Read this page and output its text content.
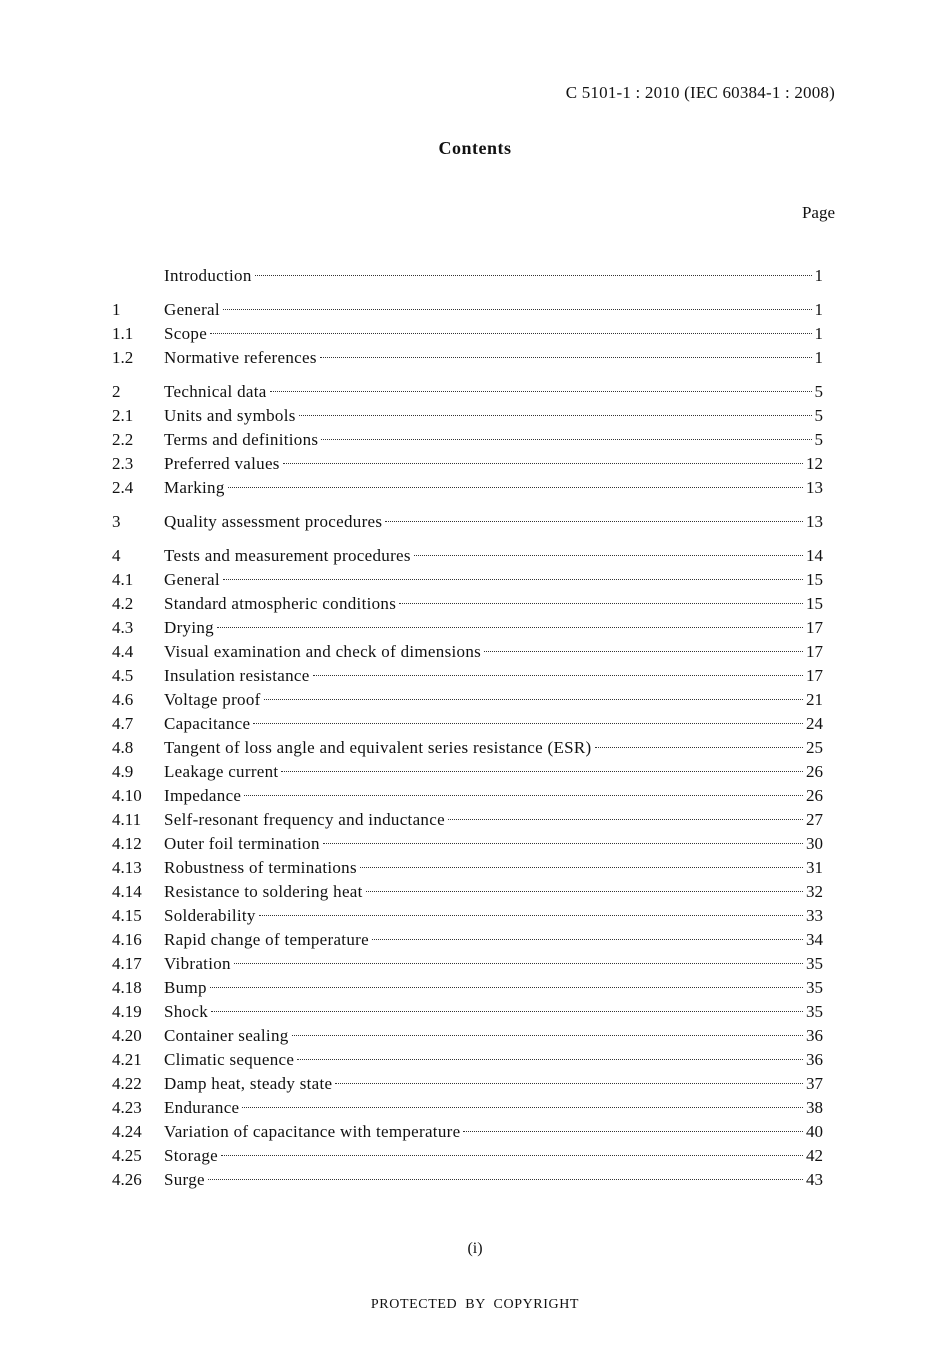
C 5101-1 : 2010 (IEC 60384-1 : 2008)
Contents
Page
Introduction	1
1	General	1
1.1	Scope	1
1.2	Normative references	1
2	Technical data	5
2.1	Units and symbols	5
2.2	Terms and definitions	5
2.3	Preferred values	12
2.4	Marking	13
3	Quality assessment procedures	13
4	Tests and measurement procedures	14
4.1	General	15
4.2	Standard atmospheric conditions	15
4.3	Drying	17
4.4	Visual examination and check of dimensions	17
4.5	Insulation resistance	17
4.6	Voltage proof	21
4.7	Capacitance	24
4.8	Tangent of loss angle and equivalent series resistance (ESR)	25
4.9	Leakage current	26
4.10	Impedance	26
4.11	Self-resonant frequency and inductance	27
4.12	Outer foil termination	30
4.13	Robustness of terminations	31
4.14	Resistance to soldering heat	32
4.15	Solderability	33
4.16	Rapid change of temperature	34
4.17	Vibration	35
4.18	Bump	35
4.19	Shock	35
4.20	Container sealing	36
4.21	Climatic sequence	36
4.22	Damp heat, steady state	37
4.23	Endurance	38
4.24	Variation of capacitance with temperature	40
4.25	Storage	42
4.26	Surge	43
(i)
PROTECTED BY COPYRIGHT
